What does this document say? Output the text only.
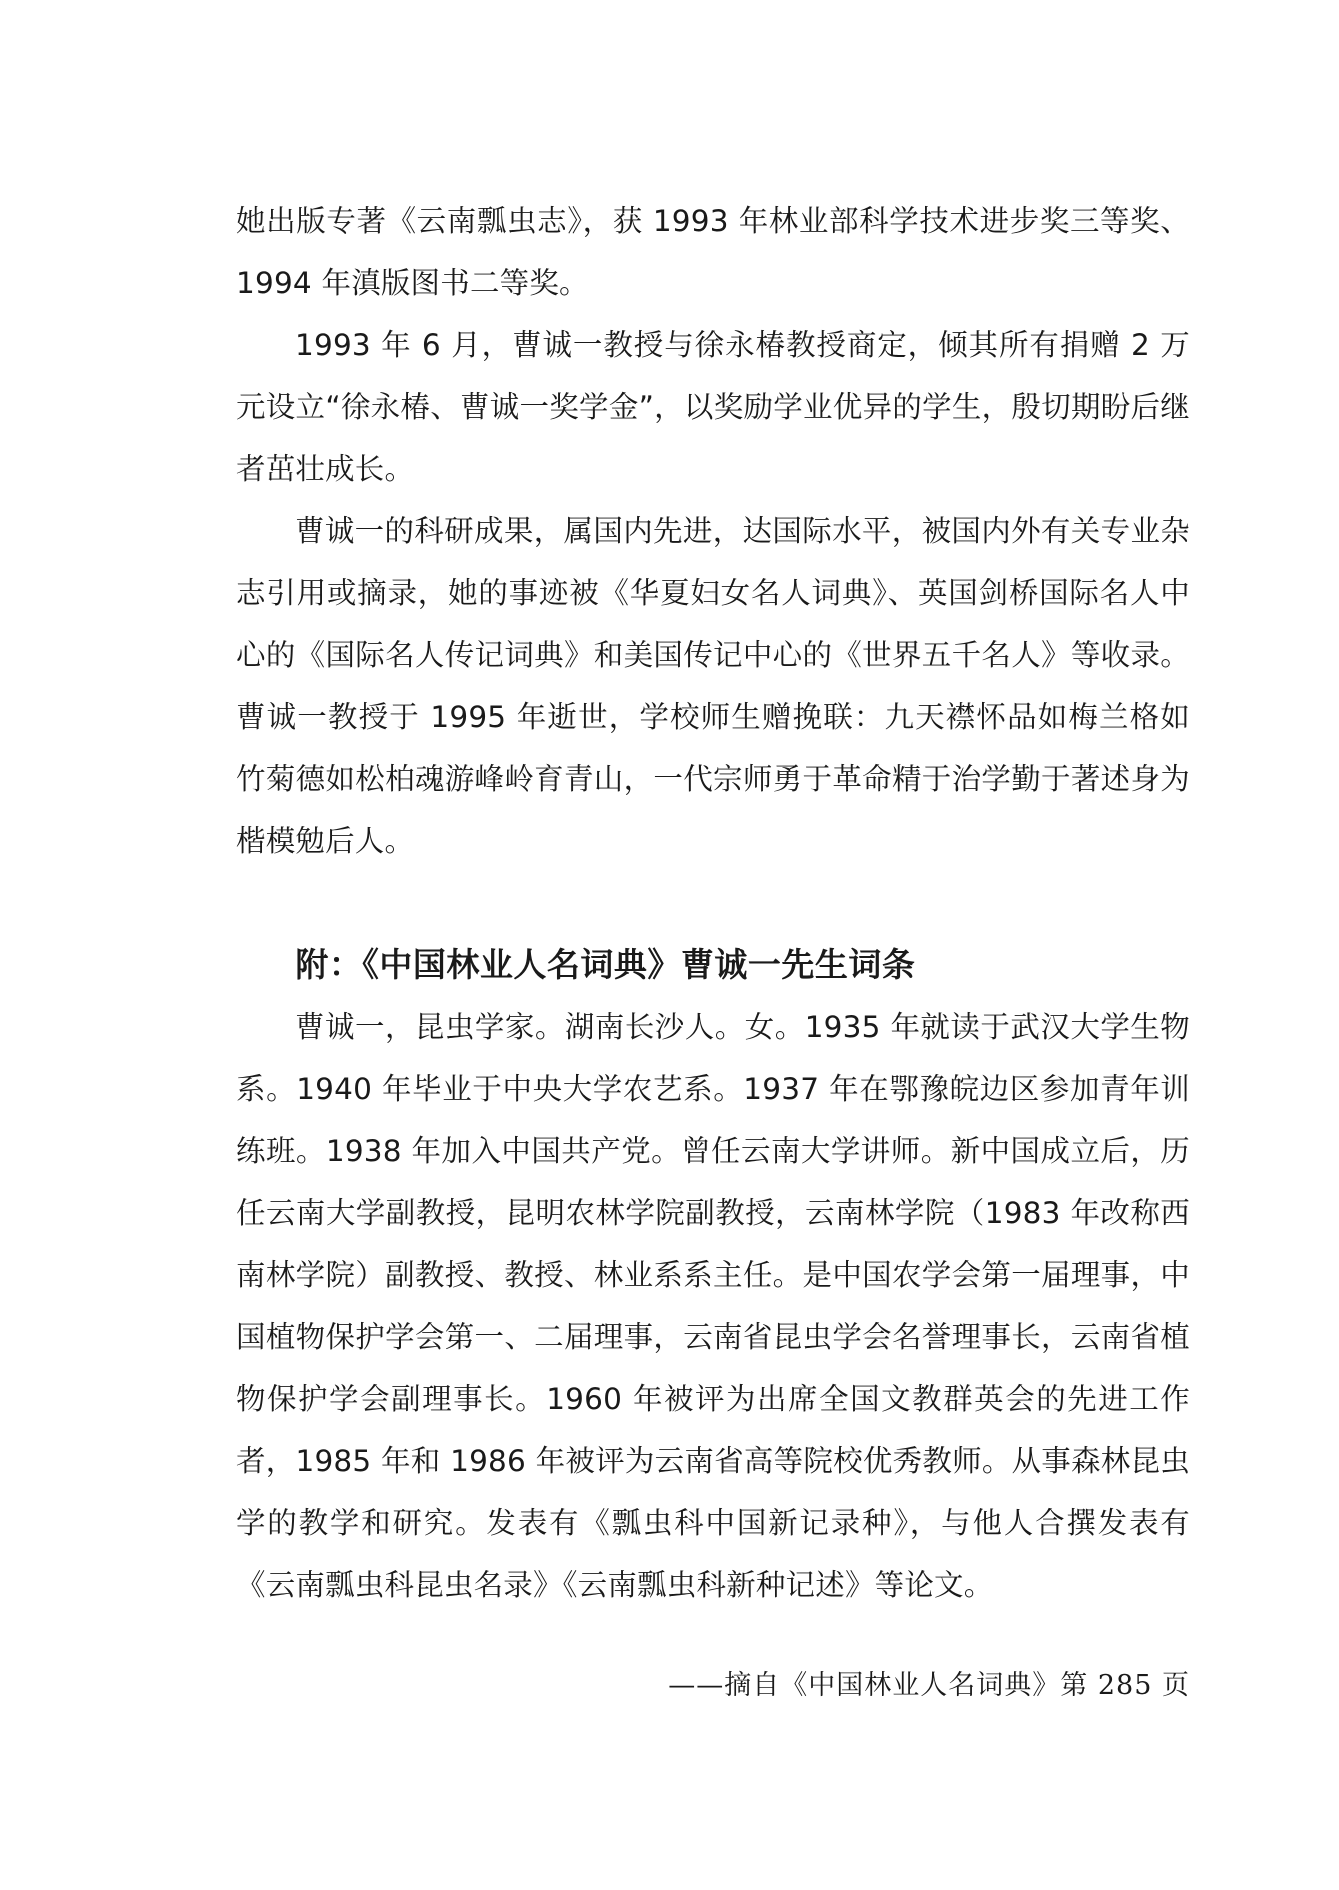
她出版专著《云南瓢虫志》，获 1993 年林业部科学技术进步奖三等奖、1994 年滇版图书二等奖。

1993 年 6 月，曹诚一教授与徐永椿教授商定，倾其所有捐赠 2 万元设立“徐永椿、曹诚一奖学金”，以奖励学业优异的学生，殷切期盼后继者茁壮成长。

曹诚一的科研成果，属国内先进，达国际水平，被国内外有关专业杂志引用或摘录，她的事迹被《华夏妇女名人词典》、英国剑桥国际名人中心的《国际名人传记词典》和美国传记中心的《世界五千名人》等收录。曹诚一教授于 1995 年逝世，学校师生赠挽联：九天襟怀品如梅兰格如竹菊德如松柏魂游峰岭育青山，一代宗师勇于革命精于治学勤于著述身为楷模勉后人。

附：《中国林业人名词典》曹诚一先生词条

曹诚一，昆虫学家。湖南长沙人。女。1935 年就读于武汉大学生物系。1940 年毕业于中央大学农艺系。1937 年在鄂豫皖边区参加青年训练班。1938 年加入中国共产党。曾任云南大学讲师。新中国成立后，历任云南大学副教授，昆明农林学院副教授，云南林学院（1983 年改称西南林学院）副教授、教授、林业系系主任。是中国农学会第一届理事，中国植物保护学会第一、二届理事，云南省昆虫学会名誉理事长，云南省植物保护学会副理事长。1960 年被评为出席全国文教群英会的先进工作者，1985 年和 1986 年被评为云南省高等院校优秀教师。从事森林昆虫学的教学和研究。发表有《瓢虫科中国新记录种》，与他人合撰发表有《云南瓢虫科昆虫名录》《云南瓢虫科新种记述》等论文。

——摘自《中国林业人名词典》第 285 页
